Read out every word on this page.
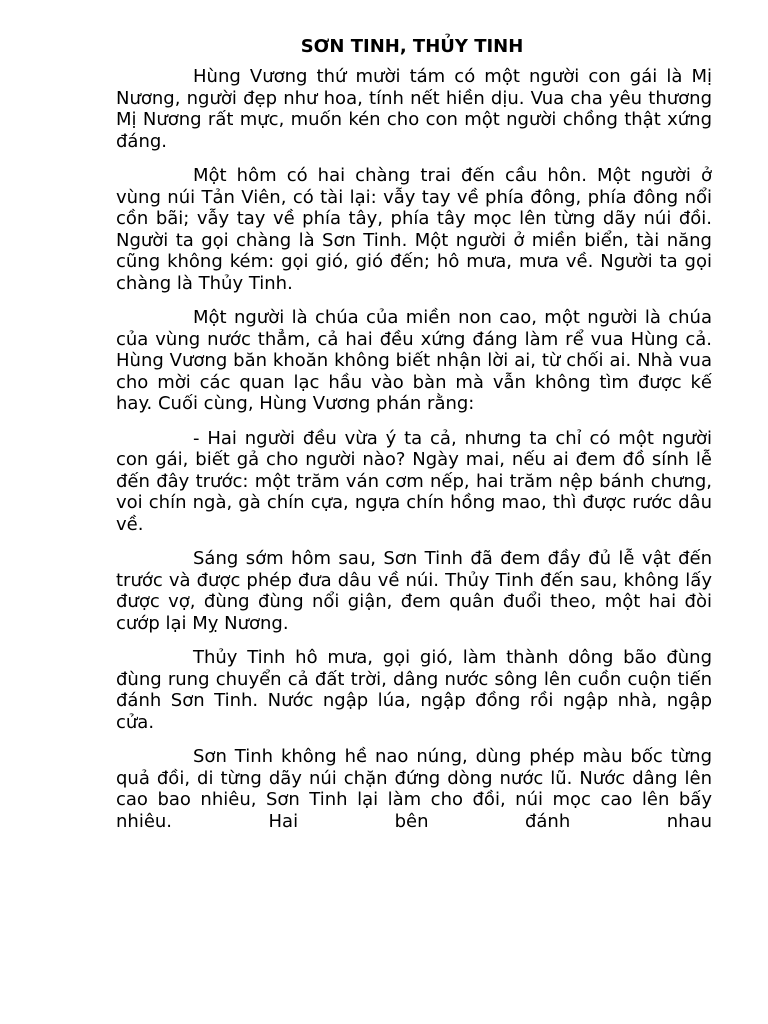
SƠN TINH, THỦY TINH

Hùng Vương thứ mười tám có một người con gái là Mị Nương, người đẹp như hoa, tính nết hiền dịu. Vua cha yêu thương Mị Nương rất mực, muốn kén cho con một người chồng thật xứng đáng.

Một hôm có hai chàng trai đến cầu hôn. Một người ở vùng núi Tản Viên, có tài lại: vẫy tay về phía đông, phía đông nổi cồn bãi; vẫy tay về phía tây, phía tây mọc lên từng dãy núi đồi. Người ta gọi chàng là Sơn Tinh. Một người ở miền biển, tài năng cũng không kém: gọi gió, gió đến; hô mưa, mưa về. Người ta gọi chàng là Thủy Tinh.

Một người là chúa của miền non cao, một người là chúa của vùng nước thẳm, cả hai đều xứng đáng làm rể vua Hùng cả. Hùng Vương băn khoăn không biết nhận lời ai, từ chối ai. Nhà vua cho mời các quan lạc hầu vào bàn mà vẫn không tìm được kế hay. Cuối cùng, Hùng Vương phán rằng:

- Hai người đều vừa ý ta cả, nhưng ta chỉ có một người con gái, biết gả cho người nào? Ngày mai, nếu ai đem đồ sính lễ đến đây trước: một trăm ván cơm nếp, hai trăm nệp bánh chưng, voi chín ngà, gà chín cựa, ngựa chín hồng mao, thì được rước dâu về.

Sáng sớm hôm sau, Sơn Tinh đã đem đầy đủ lễ vật đến trước và được phép đưa dâu về núi. Thủy Tinh đến sau, không lấy được vợ, đùng đùng nổi giận, đem quân đuổi theo, một hai đòi cướp lại Mỵ Nương.

Thủy Tinh hô mưa, gọi gió, làm thành dông bão đùng đùng rung chuyển cả đất trời, dâng nước sông lên cuồn cuộn tiến đánh Sơn Tinh. Nước ngập lúa, ngập đồng rồi ngập nhà, ngập cửa.

Sơn Tinh không hề nao núng, dùng phép màu bốc từng quả đồi, di từng dãy núi chặn đứng dòng nước lũ. Nước dâng lên cao bao nhiêu, Sơn Tinh lại làm cho đồi, núi mọc cao lên bấy nhiêu. Hai bên đánh nhau
